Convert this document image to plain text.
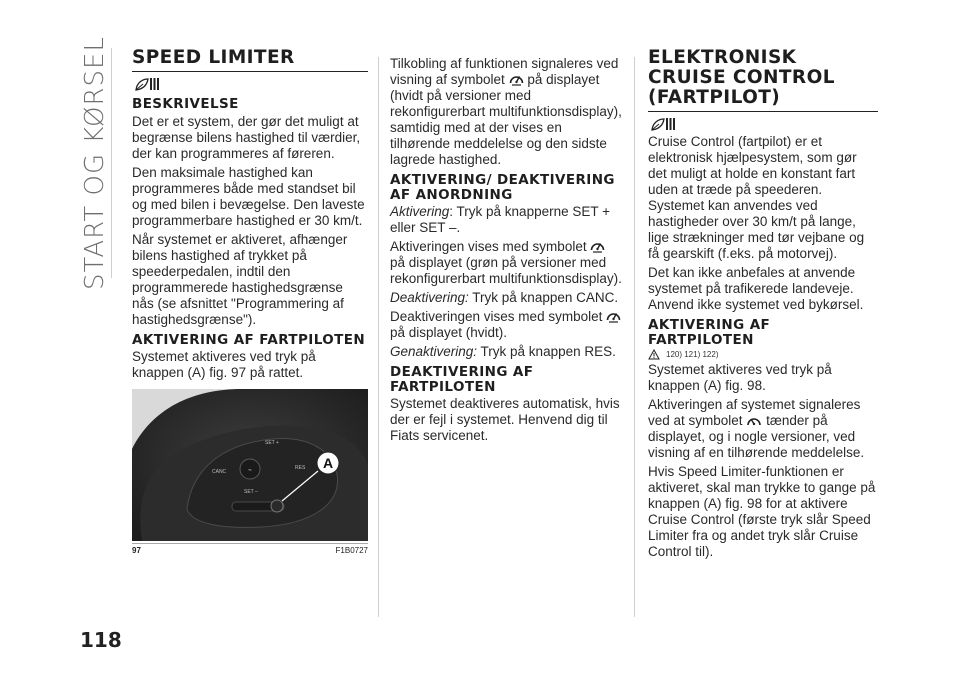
START OG KØRSEL
118
SPEED LIMITER
BESKRIVELSE

Det er et system, der gør det muligt at begrænse bilens hastighed til værdier, der kan programmeres af føreren.

Den maksimale hastighed kan programmeres både med standset bil og med bilen i bevægelse. Den laveste programmerbare hastighed er 30 km/t.

Når systemet er aktiveret, afhænger bilens hastighed af trykket på speederpedalen, indtil den programmerede hastighedsgrænse nås (se afsnittet "Programmering af hastighedsgrænse").

AKTIVERING AF FARTPILOTEN

Systemet aktiveres ved tryk på knappen (A) fig. 97 på rattet.

⌁
SET +
RES
CANC
SET –
A
97	F1B0727

Tilkobling af funktionen signaleres ved visning af symbolet på displayet (hvidt på versioner med rekonfigurerbart multifunktionsdisplay), samtidig med at der vises en tilhørende meddelelse og den sidste lagrede hastighed.

AKTIVERING/ DEAKTIVERING AF ANORDNING

Aktivering: Tryk på knapperne SET + eller SET –.

Aktiveringen vises med symbolet  på displayet (grøn på versioner med rekonfigurerbart multifunktionsdisplay).

Deaktivering: Tryk på knappen CANC.

Deaktiveringen vises med symbolet  på displayet (hvidt).

Genaktivering: Tryk på knappen RES.

DEAKTIVERING AF FARTPILOTEN

Systemet deaktiveres automatisk, hvis der er fejl i systemet. Henvend dig til Fiats servicenet.

ELEKTRONISK CRUISE CONTROL (FARTPILOT)

Cruise Control (fartpilot) er et elektronisk hjælpesystem, som gør det muligt at holde en konstant fart uden at træde på speederen. Systemet kan anvendes ved hastigheder over 30 km/t på lange, lige strækninger med tør vejbane og få gearskift (f.eks. på motorvej).

Det kan ikke anbefales at anvende systemet på trafikerede landeveje. Anvend ikke systemet ved bykørsel.

AKTIVERING AF FARTPILOTEN
120) 121) 122)

Systemet aktiveres ved tryk på knappen (A) fig. 98.

Aktiveringen af systemet signaleres ved at symbolet tænder på displayet, og i nogle versioner, ved visning af en tilhørende meddelelse.

Hvis Speed Limiter-funktionen er aktiveret, skal man trykke to gange på knappen (A) fig. 98 for at aktivere Cruise Control (første tryk slår Speed Limiter fra og andet tryk slår Cruise Control til).
